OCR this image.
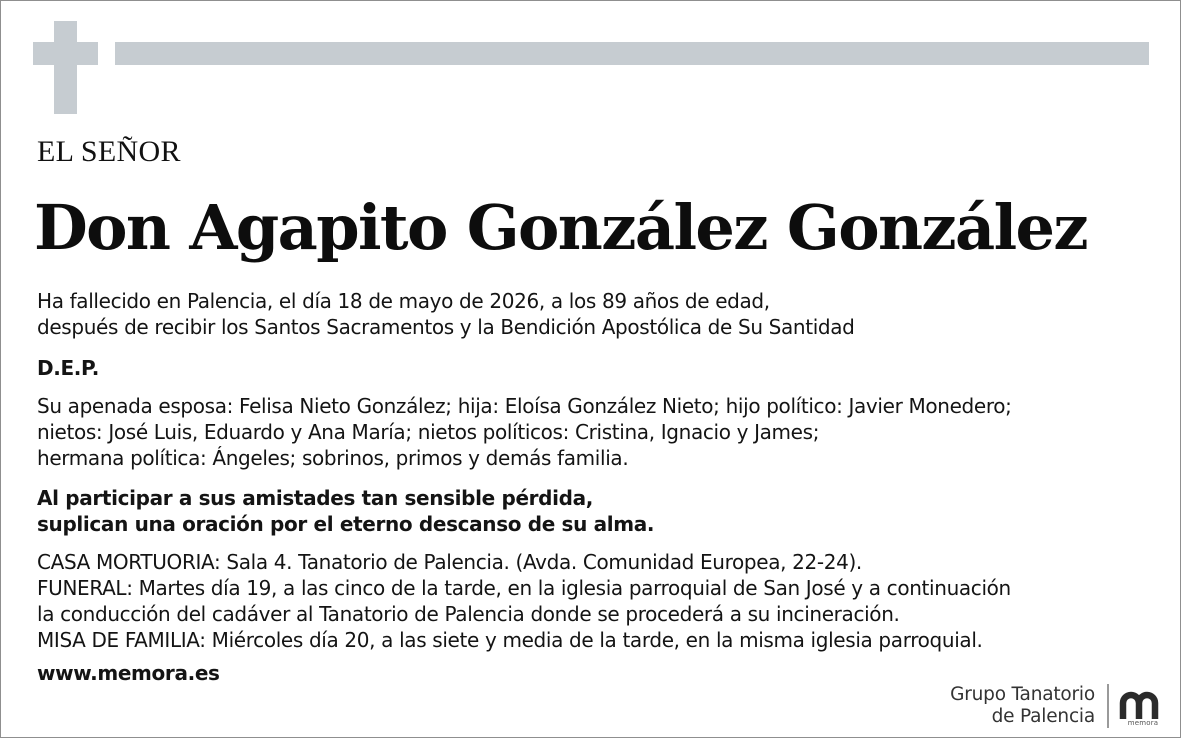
EL SEÑOR
Don Agapito González González
Ha fallecido en Palencia, el día 18 de mayo de 2026, a los 89 años de edad,
después de recibir los Santos Sacramentos y la Bendición Apostólica de Su Santidad
D.E.P.
Su apenada esposa: Felisa Nieto González; hija: Eloísa González Nieto; hijo político: Javier Monedero;
nietos: José Luis, Eduardo y Ana María; nietos políticos: Cristina, Ignacio y James;
hermana política: Ángeles; sobrinos, primos y demás familia.
Al participar a sus amistades tan sensible pérdida,
suplican una oración por el eterno descanso de su alma.
CASA MORTUORIA: Sala 4. Tanatorio de Palencia. (Avda. Comunidad Europea, 22-24).
FUNERAL: Martes día 19, a las cinco de la tarde, en la iglesia parroquial de San José y a continuación
la conducción del cadáver al Tanatorio de Palencia donde se procederá a su incineración.
MISA DE FAMILIA: Miércoles día 20, a las siete y media de la tarde, en la misma iglesia parroquial.
www.memora.es
Grupo Tanatorio
de Palencia	memora
